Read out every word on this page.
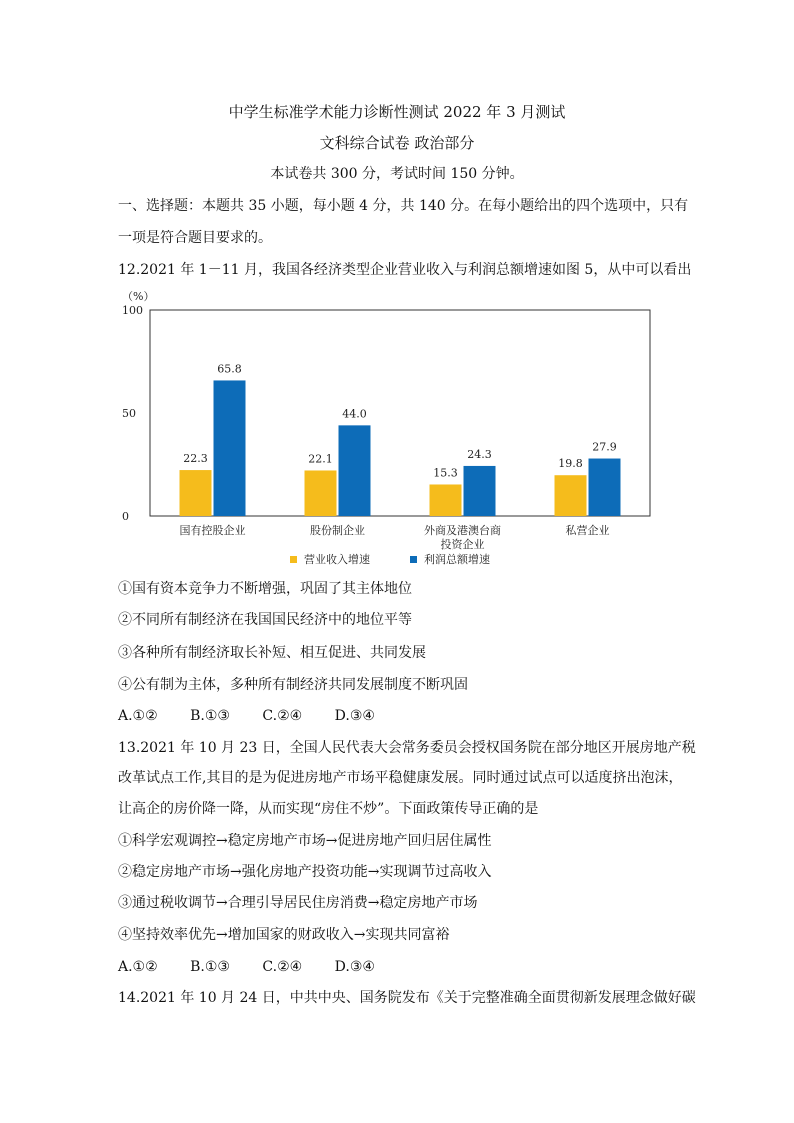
中学生标准学术能力诊断性测试 2022 年 3 月测试
文科综合试卷 政治部分
本试卷共 300 分，考试时间 150 分钟。
一、选择题：本题共 35 小题，每小题 4 分，共 140 分。在每小题给出的四个选项中，只有
一项是符合题目要求的。
12.2021 年 1－11 月，我国各经济类型企业营业收入与利润总额增速如图 5，从中可以看出
（%）
0
50
100
22.3
65.8
国有控股企业
22.1
44.0
股份制企业
15.3
24.3
外商及港澳台商
投资企业
19.8
27.9
私营企业
营业收入增速	利润总额增速
①国有资本竞争力不断增强，巩固了其主体地位
②不同所有制经济在我国国民经济中的地位平等
③各种所有制经济取长补短、相互促进、共同发展
④公有制为主体，多种所有制经济共同发展制度不断巩固
A.①② B.①③ C.②④ D.③④
13.2021 年 10 月 23 日，全国人民代表大会常务委员会授权国务院在部分地区开展房地产税
改革试点工作,其目的是为促进房地产市场平稳健康发展。同时通过试点可以适度挤出泡沫，
让高企的房价降一降，从而实现“房住不炒”。下面政策传导正确的是
①科学宏观调控→稳定房地产市场→促进房地产回归居住属性
②稳定房地产市场→强化房地产投资功能→实现调节过高收入
③通过税收调节→合理引导居民住房消费→稳定房地产市场
④坚持效率优先→增加国家的财政收入→实现共同富裕
A.①② B.①③ C.②④ D.③④
14.2021 年 10 月 24 日，中共中央、国务院发布《关于完整准确全面贯彻新发展理念做好碳
